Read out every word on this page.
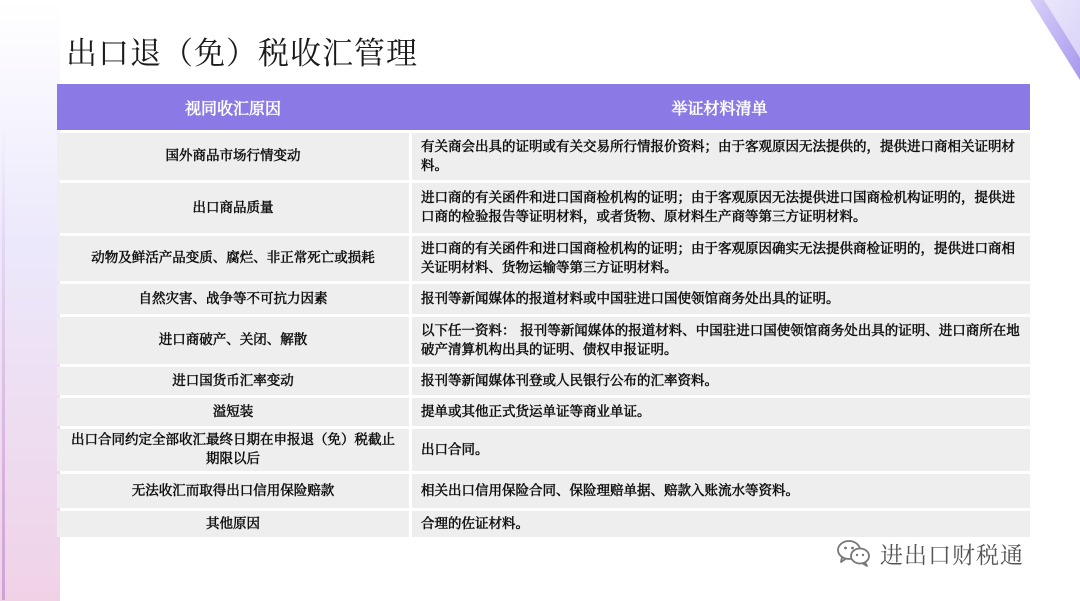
出口退（免）税收汇管理
视同收汇原因	举证材料清单
国外商品市场行情变动	有关商会出具的证明或有关交易所行情报价资料；由于客观原因无法提供的，提供进口商相关证明材料。
出口商品质量	进口商的有关函件和进口国商检机构的证明；由于客观原因无法提供进口国商检机构证明的，提供进口商的检验报告等证明材料，或者货物、原材料生产商等第三方证明材料。
动物及鲜活产品变质、腐烂、非正常死亡或损耗	进口商的有关函件和进口国商检机构的证明；由于客观原因确实无法提供商检证明的，提供进口商相关证明材料、货物运输等第三方证明材料。
自然灾害、战争等不可抗力因素	报刊等新闻媒体的报道材料或中国驻进口国使领馆商务处出具的证明。
进口商破产、关闭、解散	以下任一资料： 报刊等新闻媒体的报道材料、中国驻进口国使领馆商务处出具的证明、进口商所在地破产清算机构出具的证明、债权申报证明。
进口国货币汇率变动	报刊等新闻媒体刊登或人民银行公布的汇率资料。
溢短装	提单或其他正式货运单证等商业单证。
出口合同约定全部收汇最终日期在申报退（免）税截止期限以后	出口合同。
无法收汇而取得出口信用保险赔款	相关出口信用保险合同、保险理赔单据、赔款入账流水等资料。
其他原因	合理的佐证材料。
进出口财税通
